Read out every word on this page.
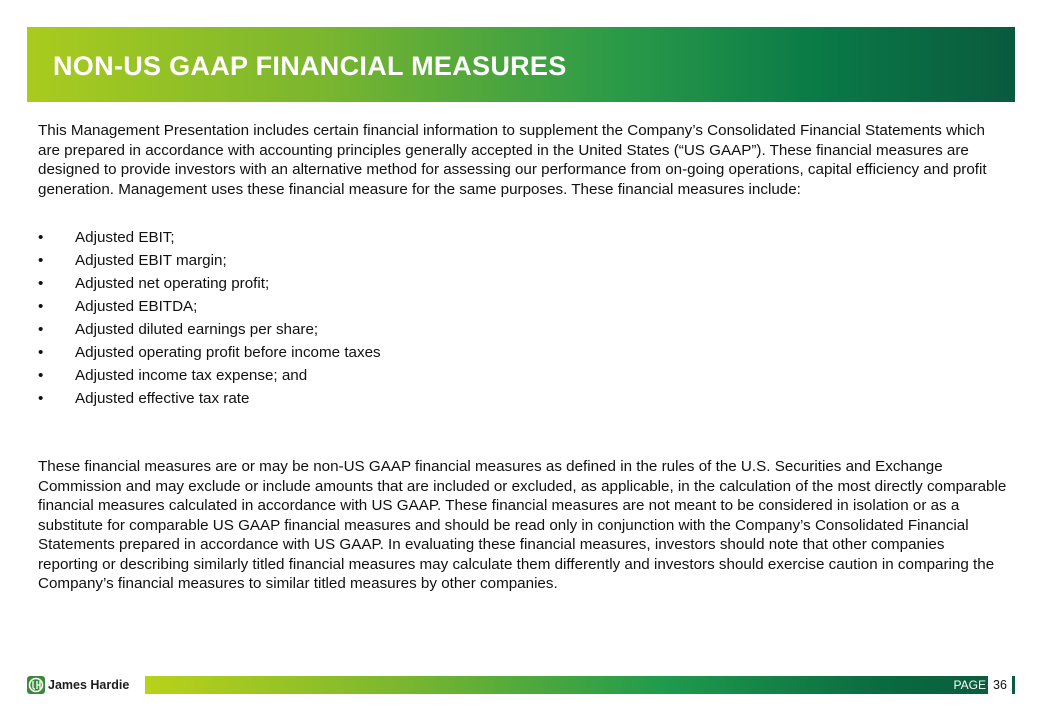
NON-US GAAP FINANCIAL MEASURES

This Management Presentation includes certain financial information to supplement the Company’s Consolidated Financial Statements which are prepared in accordance with accounting principles generally accepted in the United States (“US GAAP”). These financial measures are designed to provide investors with an alternative method for assessing our performance from on-going operations, capital efficiency and profit generation. Management uses these financial measure for the same purposes. These financial measures include:

•	Adjusted EBIT;
•	Adjusted EBIT margin;
•	Adjusted net operating profit;
•	Adjusted EBITDA;
•	Adjusted diluted earnings per share;
•	Adjusted operating profit before income taxes
•	Adjusted income tax expense; and
•	Adjusted effective tax rate

These financial measures are or may be non-US GAAP financial measures as defined in the rules of the U.S. Securities and Exchange Commission and may exclude or include amounts that are included or excluded, as applicable, in the calculation of the most directly comparable financial measures calculated in accordance with US GAAP. These financial measures are not meant to be considered in isolation or as a substitute for comparable US GAAP financial measures and should be read only in conjunction with the Company’s Consolidated Financial Statements prepared in accordance with US GAAP. In evaluating these financial measures, investors should note that other companies reporting or describing similarly titled financial measures may calculate them differently and investors should exercise caution in comparing the Company’s financial measures to similar titled measures by other companies.

James Hardie	PAGE 36
